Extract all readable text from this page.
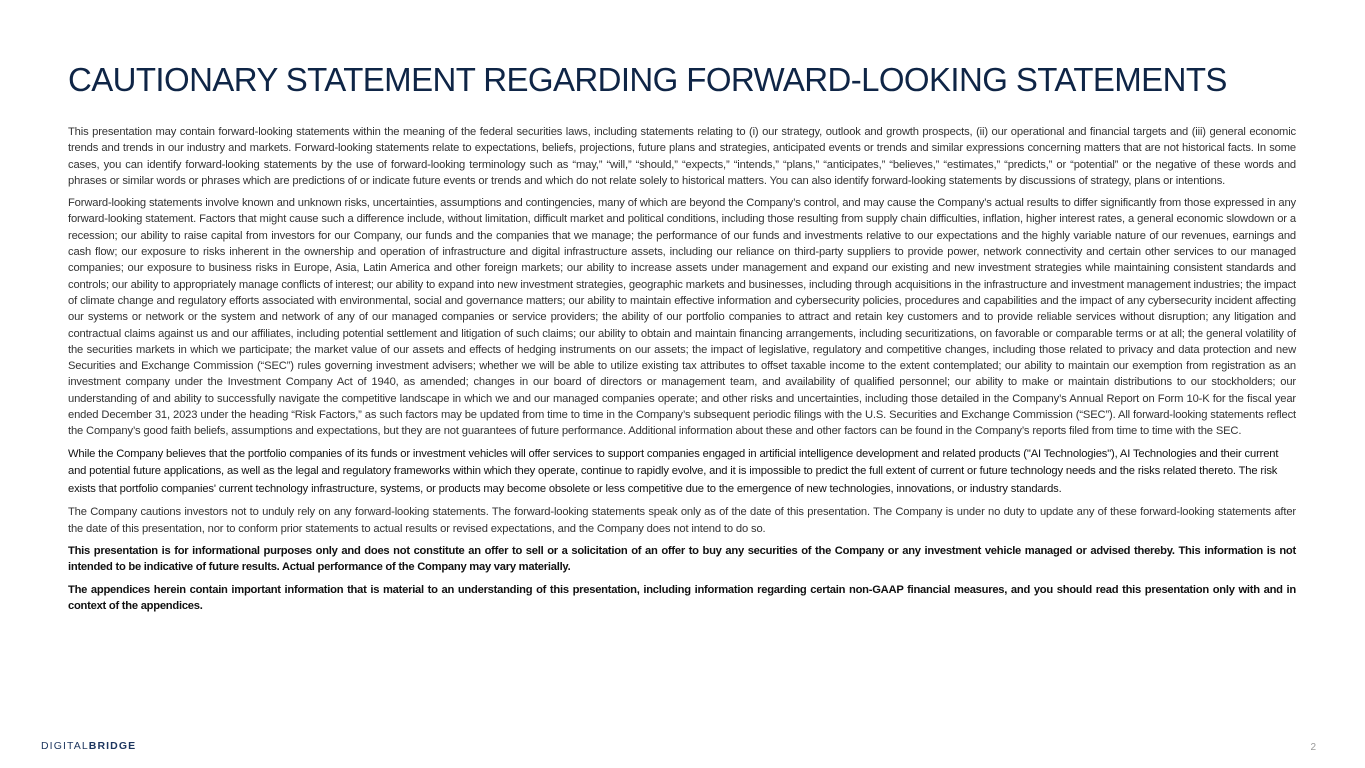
CAUTIONARY STATEMENT REGARDING FORWARD-LOOKING STATEMENTS

This presentation may contain forward-looking statements within the meaning of the federal securities laws, including statements relating to (i) our strategy, outlook and growth prospects, (ii) our operational and financial targets and (iii) general economic trends and trends in our industry and markets. Forward-looking statements relate to expectations, beliefs, projections, future plans and strategies, anticipated events or trends and similar expressions concerning matters that are not historical facts. In some cases, you can identify forward-looking statements by the use of forward-looking terminology such as “may,” “will,” “should,” “expects,” “intends,” “plans,” “anticipates,” “believes,” “estimates,” “predicts,” or “potential” or the negative of these words and phrases or similar words or phrases which are predictions of or indicate future events or trends and which do not relate solely to historical matters. You can also identify forward-looking statements by discussions of strategy, plans or intentions.

Forward-looking statements involve known and unknown risks, uncertainties, assumptions and contingencies, many of which are beyond the Company’s control, and may cause the Company’s actual results to differ significantly from those expressed in any forward-looking statement. Factors that might cause such a difference include, without limitation, difficult market and political conditions, including those resulting from supply chain difficulties, inflation, higher interest rates, a general economic slowdown or a recession; our ability to raise capital from investors for our Company, our funds and the companies that we manage; the performance of our funds and investments relative to our expectations and the highly variable nature of our revenues, earnings and cash flow; our exposure to risks inherent in the ownership and operation of infrastructure and digital infrastructure assets, including our reliance on third-party suppliers to provide power, network connectivity and certain other services to our managed companies; our exposure to business risks in Europe, Asia, Latin America and other foreign markets; our ability to increase assets under management and expand our existing and new investment strategies while maintaining consistent standards and controls; our ability to appropriately manage conflicts of interest; our ability to expand into new investment strategies, geographic markets and businesses, including through acquisitions in the infrastructure and investment management industries; the impact of climate change and regulatory efforts associated with environmental, social and governance matters; our ability to maintain effective information and cybersecurity policies, procedures and capabilities and the impact of any cybersecurity incident affecting our systems or network or the system and network of any of our managed companies or service providers; the ability of our portfolio companies to attract and retain key customers and to provide reliable services without disruption; any litigation and contractual claims against us and our affiliates, including potential settlement and litigation of such claims; our ability to obtain and maintain financing arrangements, including securitizations, on favorable or comparable terms or at all; the general volatility of the securities markets in which we participate; the market value of our assets and effects of hedging instruments on our assets; the impact of legislative, regulatory and competitive changes, including those related to privacy and data protection and new Securities and Exchange Commission (“SEC”) rules governing investment advisers; whether we will be able to utilize existing tax attributes to offset taxable income to the extent contemplated; our ability to maintain our exemption from registration as an investment company under the Investment Company Act of 1940, as amended; changes in our board of directors or management team, and availability of qualified personnel; our ability to make or maintain distributions to our stockholders; our understanding of and ability to successfully navigate the competitive landscape in which we and our managed companies operate; and other risks and uncertainties, including those detailed in the Company’s Annual Report on Form 10-K for the fiscal year ended December 31, 2023 under the heading “Risk Factors,” as such factors may be updated from time to time in the Company’s subsequent periodic filings with the U.S. Securities and Exchange Commission (“SEC”). All forward-looking statements reflect the Company’s good faith beliefs, assumptions and expectations, but they are not guarantees of future performance. Additional information about these and other factors can be found in the Company’s reports filed from time to time with the SEC.

While the Company believes that the portfolio companies of its funds or investment vehicles will offer services to support companies engaged in artificial intelligence development and related products ("AI Technologies"), AI Technologies and their current and potential future applications, as well as the legal and regulatory frameworks within which they operate, continue to rapidly evolve, and it is impossible to predict the full extent of current or future technology needs and the risks related thereto. The risk exists that portfolio companies' current technology infrastructure, systems, or products may become obsolete or less competitive due to the emergence of new technologies, innovations, or industry standards.

The Company cautions investors not to unduly rely on any forward-looking statements. The forward-looking statements speak only as of the date of this presentation. The Company is under no duty to update any of these forward-looking statements after the date of this presentation, nor to conform prior statements to actual results or revised expectations, and the Company does not intend to do so.

This presentation is for informational purposes only and does not constitute an offer to sell or a solicitation of an offer to buy any securities of the Company or any investment vehicle managed or advised thereby. This information is not intended to be indicative of future results. Actual performance of the Company may vary materially.

The appendices herein contain important information that is material to an understanding of this presentation, including information regarding certain non-GAAP financial measures, and you should read this presentation only with and in context of the appendices.

DIGITALBRIDGE	2
